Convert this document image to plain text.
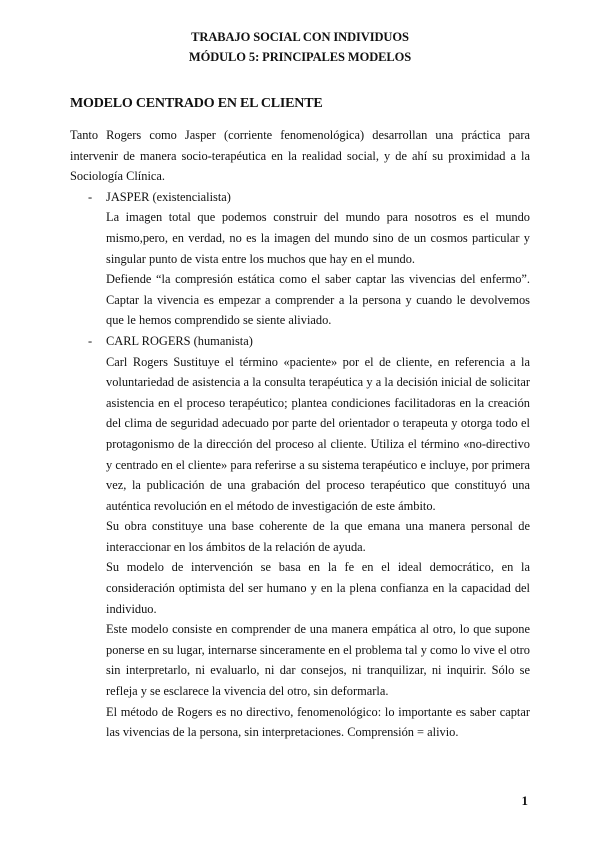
TRABAJO SOCIAL CON INDIVIDUOS
MÓDULO 5: PRINCIPALES MODELOS
MODELO CENTRADO EN EL CLIENTE

Tanto Rogers como Jasper (corriente fenomenológica) desarrollan una práctica para intervenir de manera socio-terapéutica en la realidad social, y de ahí su proximidad a la Sociología Clínica.

- JASPER (existencialista)

La imagen total que podemos construir del mundo para nosotros es el mundo mismo,pero, en verdad, no es la imagen del mundo sino de un cosmos particular y singular punto de vista entre los muchos que hay en el mundo.

Defiende “la compresión estática como el saber captar las vivencias del enfermo”. Captar la vivencia es empezar a comprender a la persona y cuando le devolvemos que le hemos comprendido se siente aliviado.

- CARL ROGERS (humanista)

Carl Rogers Sustituye el término «paciente» por el de cliente, en referencia a la voluntariedad de asistencia a la consulta terapéutica y a la decisión inicial de solicitar asistencia en el proceso terapéutico; plantea condiciones facilitadoras en la creación del clima de seguridad adecuado por parte del orientador o terapeuta y otorga todo el protagonismo de la dirección del proceso al cliente. Utiliza el término «no-directivo y centrado en el cliente» para referirse a su sistema terapéutico e incluye, por primera vez, la publicación de una grabación del proceso terapéutico que constituyó una auténtica revolución en el método de investigación de este ámbito.

Su obra constituye una base coherente de la que emana una manera personal de interaccionar en los ámbitos de la relación de ayuda.

Su modelo de intervención se basa en la fe en el ideal democrático, en la consideración optimista del ser humano y en la plena confianza en la capacidad del individuo.

Este modelo consiste en comprender de una manera empática al otro, lo que supone ponerse en su lugar, internarse sinceramente en el problema tal y como lo vive el otro sin interpretarlo, ni evaluarlo, ni dar consejos, ni tranquilizar, ni inquirir. Sólo se refleja y se esclarece la vivencia del otro, sin deformarla.

El método de Rogers es no directivo, fenomenológico: lo importante es saber captar las vivencias de la persona, sin interpretaciones. Comprensión = alivio.

1
